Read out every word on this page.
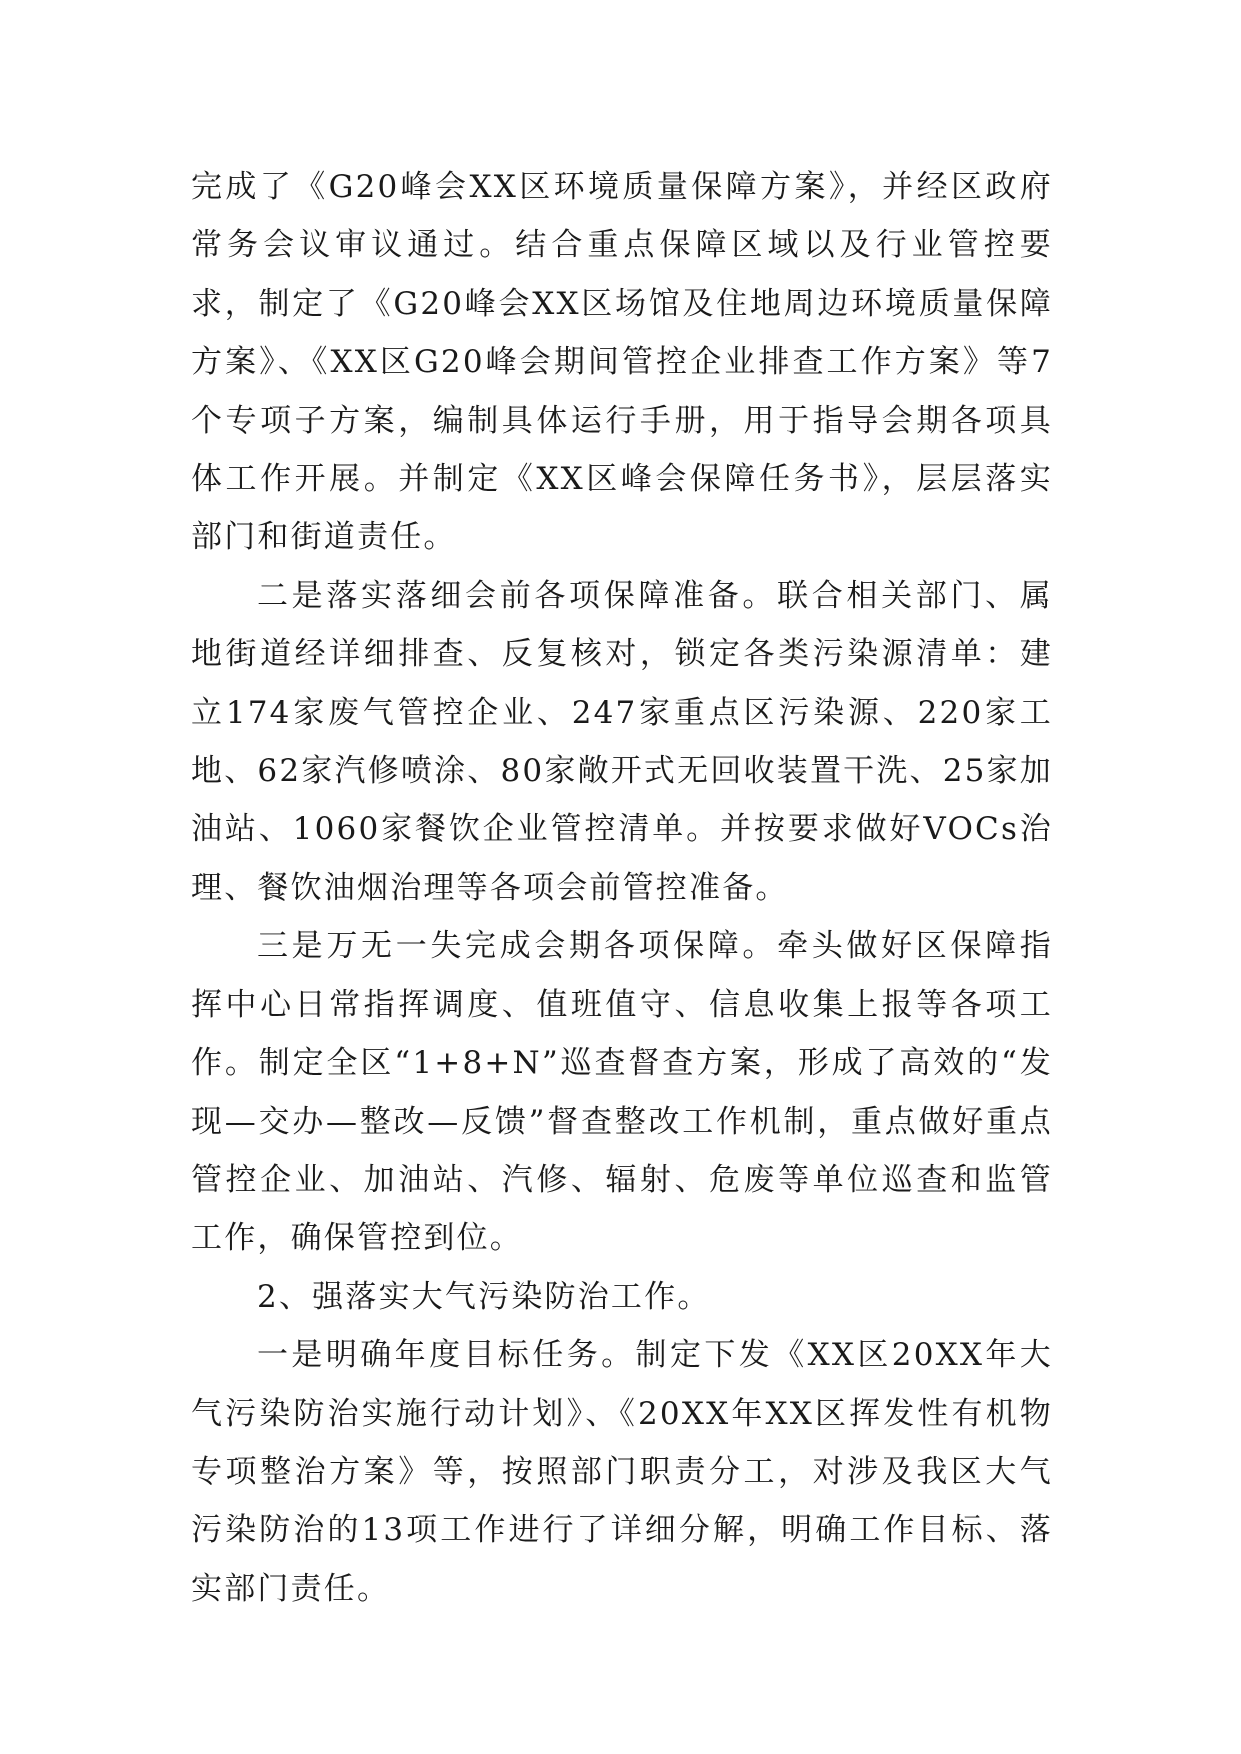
完成了《G20峰会XX区环境质量保障方案》，并经区政府常务会议审议通过。结合重点保障区域以及行业管控要求，制定了《G20峰会XX区场馆及住地周边环境质量保障方案》、《XX区G20峰会期间管控企业排查工作方案》等7个专项子方案，编制具体运行手册，用于指导会期各项具体工作开展。并制定《XX区峰会保障任务书》，层层落实部门和街道责任。

二是落实落细会前各项保障准备。联合相关部门、属地街道经详细排查、反复核对，锁定各类污染源清单：建立174家废气管控企业、247家重点区污染源、220家工地、62家汽修喷涂、80家敞开式无回收装置干洗、25家加油站、1060家餐饮企业管控清单。并按要求做好VOCs治理、餐饮油烟治理等各项会前管控准备。

三是万无一失完成会期各项保障。牵头做好区保障指挥中心日常指挥调度、值班值守、信息收集上报等各项工作。制定全区“1+8+N”巡查督查方案，形成了高效的“发现—交办—整改—反馈”督查整改工作机制，重点做好重点管控企业、加油站、汽修、辐射、危废等单位巡查和监管工作，确保管控到位。

2、强落实大气污染防治工作。

一是明确年度目标任务。制定下发《XX区20XX年大气污染防治实施行动计划》、《20XX年XX区挥发性有机物专项整治方案》等，按照部门职责分工，对涉及我区大气污染防治的13项工作进行了详细分解，明确工作目标、落实部门责任。
